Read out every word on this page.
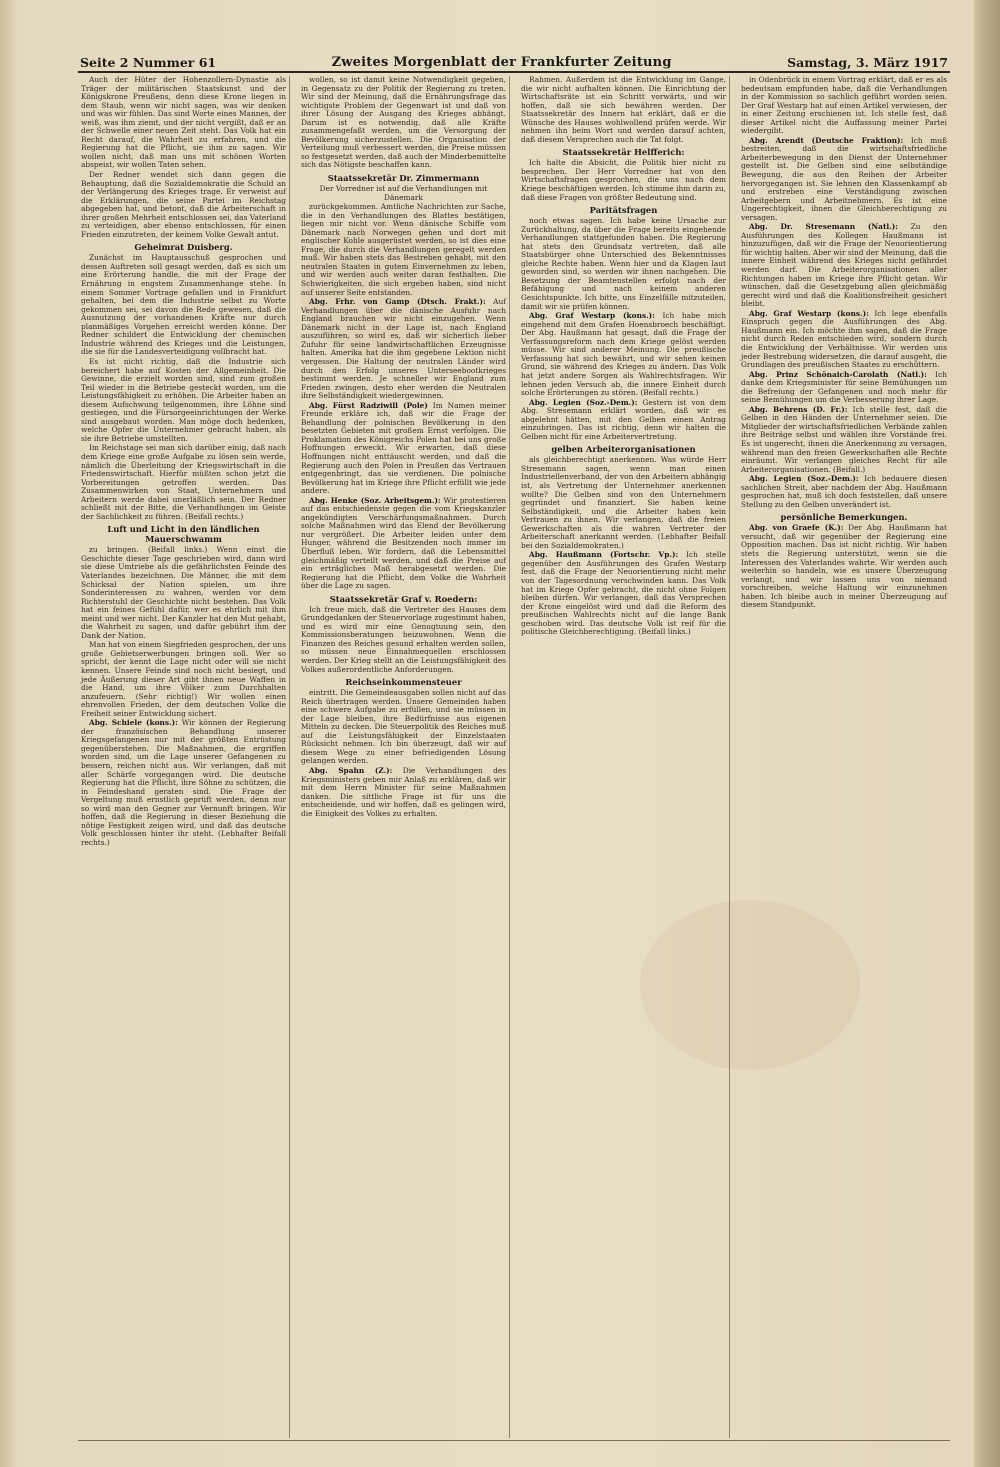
Seite 2 Nummer 61	Zweites Morgenblatt der Frankfurter Zeitung	Samstag, 3. März 1917

Auch der Hüter der Hohenzollern-Dynastie als Träger der militärischen Staatskunst und der Königskrone Preußens, denn diese Krone liegen in dem Staub, wenn wir nicht sagen, was wir denken und was wir fühlen. Das sind Worte eines Mannes, der weiß, was ihm ziemt, und der nicht vergißt, daß er an der Schwelle einer neuen Zeit steht. Das Volk hat ein Recht darauf, die Wahrheit zu erfahren, und die Regierung hat die Pflicht, sie ihm zu sagen. Wir wollen nicht, daß man uns mit schönen Worten abspeist, wir wollen Taten sehen.

Der Redner wendet sich dann gegen die Behauptung, daß die Sozialdemokratie die Schuld an der Verlängerung des Krieges trage. Er verweist auf die Erklärungen, die seine Partei im Reichstag abgegeben hat, und betont, daß die Arbeiterschaft in ihrer großen Mehrheit entschlossen sei, das Vaterland zu verteidigen, aber ebenso entschlossen, für einen Frieden einzutreten, der keinem Volke Gewalt antut.

Geheimrat Duisberg.

Zunächst im Hauptausschuß gesprochen und dessen Auftreten soll gesagt werden, daß es sich um eine Erörterung handle, die mit der Frage der Ernährung in engstem Zusammenhange stehe. In einem Sommer Vortrage gefallen und in Frankfurt gehalten, bei dem die Industrie selbst zu Worte gekommen sei, sei davon die Rede gewesen, daß die Ausnutzung der vorhandenen Kräfte nur durch planmäßiges Vorgehen erreicht werden könne. Der Redner schildert die Entwicklung der chemischen Industrie während des Krieges und die Leistungen, die sie für die Landesverteidigung vollbracht hat.

Es ist nicht richtig, daß die Industrie sich bereichert habe auf Kosten der Allgemeinheit. Die Gewinne, die erzielt worden sind, sind zum großen Teil wieder in die Betriebe gesteckt worden, um die Leistungsfähigkeit zu erhöhen. Die Arbeiter haben an diesem Aufschwung teilgenommen, ihre Löhne sind gestiegen, und die Fürsorgeeinrichtungen der Werke sind ausgebaut worden. Man möge doch bedenken, welche Opfer die Unternehmer gebracht haben, als sie ihre Betriebe umstellten.

Im Reichstage sei man sich darüber einig, daß nach dem Kriege eine große Aufgabe zu lösen sein werde, nämlich die Überleitung der Kriegswirtschaft in die Friedenswirtschaft. Hierfür müßten schon jetzt die Vorbereitungen getroffen werden. Das Zusammenwirken von Staat, Unternehmern und Arbeitern werde dabei unerläßlich sein. Der Redner schließt mit der Bitte, die Verhandlungen im Geiste der Sachlichkeit zu führen. (Beifall rechts.)

Luft und Licht in den ländlichen Mauerschwamm

zu bringen. (Beifall links.) Wenn einst die Geschichte dieser Tage geschrieben wird, dann wird sie diese Umtriebe als die gefährlichsten Feinde des Vaterlandes bezeichnen. Die Männer, die mit dem Schicksal der Nation spielen, um ihre Sonderinteressen zu wahren, werden vor dem Richterstuhl der Geschichte nicht bestehen. Das Volk hat ein feines Gefühl dafür, wer es ehrlich mit ihm meint und wer nicht. Der Kanzler hat den Mut gehabt, die Wahrheit zu sagen, und dafür gebührt ihm der Dank der Nation.

Man hat von einem Siegfrieden gesprochen, der uns große Gebietserwerbungen bringen soll. Wer so spricht, der kennt die Lage nicht oder will sie nicht kennen. Unsere Feinde sind noch nicht besiegt, und jede Äußerung dieser Art gibt ihnen neue Waffen in die Hand, um ihre Völker zum Durchhalten anzufeuern. (Sehr richtig!) Wir wollen einen ehrenvollen Frieden, der dem deutschen Volke die Freiheit seiner Entwicklung sichert.

Abg. Schiele (kons.): Wir können der Regierung der französischen Behandlung unserer Kriegsgefangenen nur mit der größten Entrüstung gegenüberstehen. Die Maßnahmen, die ergriffen worden sind, um die Lage unserer Gefangenen zu bessern, reichen nicht aus. Wir verlangen, daß mit aller Schärfe vorgegangen wird. Die deutsche Regierung hat die Pflicht, ihre Söhne zu schützen, die in Feindeshand geraten sind. Die Frage der Vergeltung muß ernstlich geprüft werden, denn nur so wird man den Gegner zur Vernunft bringen. Wir hoffen, daß die Regierung in dieser Beziehung die nötige Festigkeit zeigen wird, und daß das deutsche Volk geschlossen hinter ihr steht. (Lebhafter Beifall rechts.)

wollen, so ist damit keine Notwendigkeit gegeben, in Gegensatz zu der Politik der Regierung zu treten. Wir sind der Meinung, daß die Ernährungsfrage das wichtigste Problem der Gegenwart ist und daß von ihrer Lösung der Ausgang des Krieges abhängt. Darum ist es notwendig, daß alle Kräfte zusammengefaßt werden, um die Versorgung der Bevölkerung sicherzustellen. Die Organisation der Verteilung muß verbessert werden, die Preise müssen so festgesetzt werden, daß auch der Minderbemittelte sich das Nötigste beschaffen kann.

Staatssekretär Dr. Zimmermann
Der Vorredner ist auf die Verhandlungen mit Dänemark

zurückgekommen. Amtliche Nachrichten zur Sache, die in den Verhandlungen des Blattes bestätigen, liegen mir nicht vor. Wenn dänische Schiffe vom Dänemark nach Norwegen gehen und dort mit englischer Kohle ausgerüstet werden, so ist dies eine Frage, die durch die Verhandlungen geregelt werden muß. Wir haben stets das Bestreben gehabt, mit den neutralen Staaten in gutem Einvernehmen zu leben, und wir werden auch weiter daran festhalten. Die Schwierigkeiten, die sich ergeben haben, sind nicht auf unserer Seite entstanden.

Abg. Frhr. von Gamp (Dtsch. Frakt.): Auf Verhandlungen über die dänische Ausfuhr nach England brauchen wir nicht einzugehen. Wenn Dänemark nicht in der Lage ist, nach England auszuführen, so wird es, daß wir sicherlich lieber Zufuhr für seine landwirtschaftlichen Erzeugnisse halten. Amerika hat die ihm gegebene Lektion nicht vergessen. Die Haltung der neutralen Länder wird durch den Erfolg unseres Unterseebootkrieges bestimmt werden. Je schneller wir England zum Frieden zwingen, desto eher werden die Neutralen ihre Selbständigkeit wiedergewinnen.

Abg. Fürst Radziwill (Pole) Im Namen meiner Freunde erkläre ich, daß wir die Frage der Behandlung der polnischen Bevölkerung in den besetzten Gebieten mit großem Ernst verfolgen. Die Proklamation des Königreichs Polen hat bei uns große Hoffnungen erweckt. Wir erwarten, daß diese Hoffnungen nicht enttäuscht werden, und daß die Regierung auch den Polen in Preußen das Vertrauen entgegenbringt, das sie verdienen. Die polnische Bevölkerung hat im Kriege ihre Pflicht erfüllt wie jede andere.

Abg. Henke (Soz. Arbeitsgem.): Wir protestieren auf das entschiedenste gegen die vom Kriegskanzler angekündigten Verschärfungsmaßnahmen. Durch solche Maßnahmen wird das Elend der Bevölkerung nur vergrößert. Die Arbeiter leiden unter dem Hunger, während die Besitzenden noch immer im Überfluß leben. Wir fordern, daß die Lebensmittel gleichmäßig verteilt werden, und daß die Preise auf ein erträgliches Maß herabgesetzt werden. Die Regierung hat die Pflicht, dem Volke die Wahrheit über die Lage zu sagen.

Staatssekretär Graf v. Roedern:

Ich freue mich, daß die Vertreter des Hauses dem Grundgedanken der Steuervorlage zugestimmt haben, und es wird mir eine Genugtuung sein, den Kommissionsberatungen beizuwohnen. Wenn die Finanzen des Reiches gesund erhalten werden sollen, so müssen neue Einnahmequellen erschlossen werden. Der Krieg stellt an die Leistungsfähigkeit des Volkes außerordentliche Anforderungen.

Reichseinkommensteuer

eintritt. Die Gemeindeausgaben sollen nicht auf das Reich übertragen werden. Unsere Gemeinden haben eine schwere Aufgabe zu erfüllen, und sie müssen in der Lage bleiben, ihre Bedürfnisse aus eigenen Mitteln zu decken. Die Steuerpolitik des Reiches muß auf die Leistungsfähigkeit der Einzelstaaten Rücksicht nehmen. Ich bin überzeugt, daß wir auf diesem Wege zu einer befriedigenden Lösung gelangen werden.

Abg. Spahn (Z.): Die Verhandlungen des Kriegsministers geben mir Anlaß zu erklären, daß wir mit dem Herrn Minister für seine Maßnahmen danken. Die sittliche Frage ist für uns die entscheidende, und wir hoffen, daß es gelingen wird, die Einigkeit des Volkes zu erhalten.

Rahmen. Außerdem ist die Entwicklung im Gange, die wir nicht aufhalten können. Die Einrichtung der Wirtschaftsräte ist ein Schritt vorwärts, und wir hoffen, daß sie sich bewähren werden. Der Staatssekretär des Innern hat erklärt, daß er die Wünsche des Hauses wohlwollend prüfen werde. Wir nehmen ihn beim Wort und werden darauf achten, daß diesem Versprechen auch die Tat folgt.

Staatssekretär Helfferich:

Ich halte die Absicht, die Politik hier nicht zu besprechen. Der Herr Vorredner hat von den Wirtschaftsfragen gesprochen, die uns nach dem Kriege beschäftigen werden. Ich stimme ihm darin zu, daß diese Fragen von größter Bedeutung sind.

Paritätsfragen

noch etwas sagen. Ich habe keine Ursache zur Zurückhaltung, da über die Frage bereits eingehende Verhandlungen stattgefunden haben. Die Regierung hat stets den Grundsatz vertreten, daß alle Staatsbürger ohne Unterschied des Bekenntnisses gleiche Rechte haben. Wenn hier und da Klagen laut geworden sind, so werden wir ihnen nachgehen. Die Besetzung der Beamtenstellen erfolgt nach der Befähigung und nach keinem anderen Gesichtspunkte. Ich bitte, uns Einzelfälle mitzuteilen, damit wir sie prüfen können.

Abg. Graf Westarp (kons.): Ich habe mich eingehend mit dem Grafen Hoensbroech beschäftigt. Der Abg. Haußmann hat gesagt, daß die Frage der Verfassungsreform nach dem Kriege gelöst werden müsse. Wir sind anderer Meinung. Die preußische Verfassung hat sich bewährt, und wir sehen keinen Grund, sie während des Krieges zu ändern. Das Volk hat jetzt andere Sorgen als Wahlrechtsfragen. Wir lehnen jeden Versuch ab, die innere Einheit durch solche Erörterungen zu stören. (Beifall rechts.)

Abg. Legien (Soz.-Dem.): Gestern ist von dem Abg. Stresemann erklärt worden, daß wir es abgelehnt hätten, mit den Gelben einen Antrag einzubringen. Das ist richtig, denn wir halten die Gelben nicht für eine Arbeitervertretung.

gelben Arbeiterorganisationen

als gleichberechtigt anerkennen. Was würde Herr Stresemann sagen, wenn man einen Industriellenverband, der von den Arbeitern abhängig ist, als Vertretung der Unternehmer anerkennen wollte? Die Gelben sind von den Unternehmern gegründet und finanziert. Sie haben keine Selbständigkeit, und die Arbeiter haben kein Vertrauen zu ihnen. Wir verlangen, daß die freien Gewerkschaften als die wahren Vertreter der Arbeiterschaft anerkannt werden. (Lebhafter Beifall bei den Sozialdemokraten.)

Abg. Haußmann (Fortschr. Vp.): Ich stelle gegenüber den Ausführungen des Grafen Westarp fest, daß die Frage der Neuorientierung nicht mehr von der Tagesordnung verschwinden kann. Das Volk hat im Kriege Opfer gebracht, die nicht ohne Folgen bleiben dürfen. Wir verlangen, daß das Versprechen der Krone eingelöst wird und daß die Reform des preußischen Wahlrechts nicht auf die lange Bank geschoben wird. Das deutsche Volk ist reif für die politische Gleichberechtigung. (Beifall links.)

in Odenbrück in einem Vortrag erklärt, daß er es als bedeutsam empfunden habe, daß die Verhandlungen in der Kommission so sachlich geführt worden seien. Der Graf Westarp hat auf einen Artikel verwiesen, der in einer Zeitung erschienen ist. Ich stelle fest, daß dieser Artikel nicht die Auffassung meiner Partei wiedergibt.

Abg. Arendt (Deutsche Fraktion): Ich muß bestreiten, daß die wirtschaftsfriedliche Arbeiterbewegung in den Dienst der Unternehmer gestellt ist. Die Gelben sind eine selbständige Bewegung, die aus den Reihen der Arbeiter hervorgegangen ist. Sie lehnen den Klassenkampf ab und erstreben eine Verständigung zwischen Arbeitgebern und Arbeitnehmern. Es ist eine Ungerechtigkeit, ihnen die Gleichberechtigung zu versagen.

Abg. Dr. Stresemann (Natl.): Zu den Ausführungen des Kollegen Haußmann ist hinzuzufügen, daß wir die Frage der Neuorientierung für wichtig halten. Aber wir sind der Meinung, daß die innere Einheit während des Krieges nicht gefährdet werden darf. Die Arbeiterorganisationen aller Richtungen haben im Kriege ihre Pflicht getan. Wir wünschen, daß die Gesetzgebung allen gleichmäßig gerecht wird und daß die Koalitionsfreiheit gesichert bleibt.

Abg. Graf Westarp (kons.): Ich lege ebenfalls Einspruch gegen die Ausführungen des Abg. Haußmann ein. Ich möchte ihm sagen, daß die Frage nicht durch Reden entschieden wird, sondern durch die Entwicklung der Verhältnisse. Wir werden uns jeder Bestrebung widersetzen, die darauf ausgeht, die Grundlagen des preußischen Staates zu erschüttern.

Abg. Prinz Schönaich-Carolath (Natl.): Ich danke dem Kriegsminister für seine Bemühungen um die Befreiung der Gefangenen und noch mehr für seine Bemühungen um die Verbesserung ihrer Lage.

Abg. Behrens (D. Fr.): Ich stelle fest, daß die Gelben in den Händen der Unternehmer seien. Die Mitglieder der wirtschaftsfriedlichen Verbände zahlen ihre Beiträge selbst und wählen ihre Vorstände frei. Es ist ungerecht, ihnen die Anerkennung zu versagen, während man den freien Gewerkschaften alle Rechte einräumt. Wir verlangen gleiches Recht für alle Arbeiterorganisationen. (Beifall.)

Abg. Legien (Soz.-Dem.): Ich bedauere diesen sachlichen Streit, aber nachdem der Abg. Haußmann gesprochen hat, muß ich doch feststellen, daß unsere Stellung zu den Gelben unverändert ist.

persönliche Bemerkungen.

Abg. von Graefe (K.): Der Abg. Haußmann hat versucht, daß wir gegenüber der Regierung eine Opposition machen. Das ist nicht richtig. Wir haben stets die Regierung unterstützt, wenn sie die Interessen des Vaterlandes wahrte. Wir werden auch weiterhin so handeln, wie es unsere Überzeugung verlangt, und wir lassen uns von niemand vorschreiben, welche Haltung wir einzunehmen haben. Ich bleibe auch in meiner Überzeugung auf diesem Standpunkt.
